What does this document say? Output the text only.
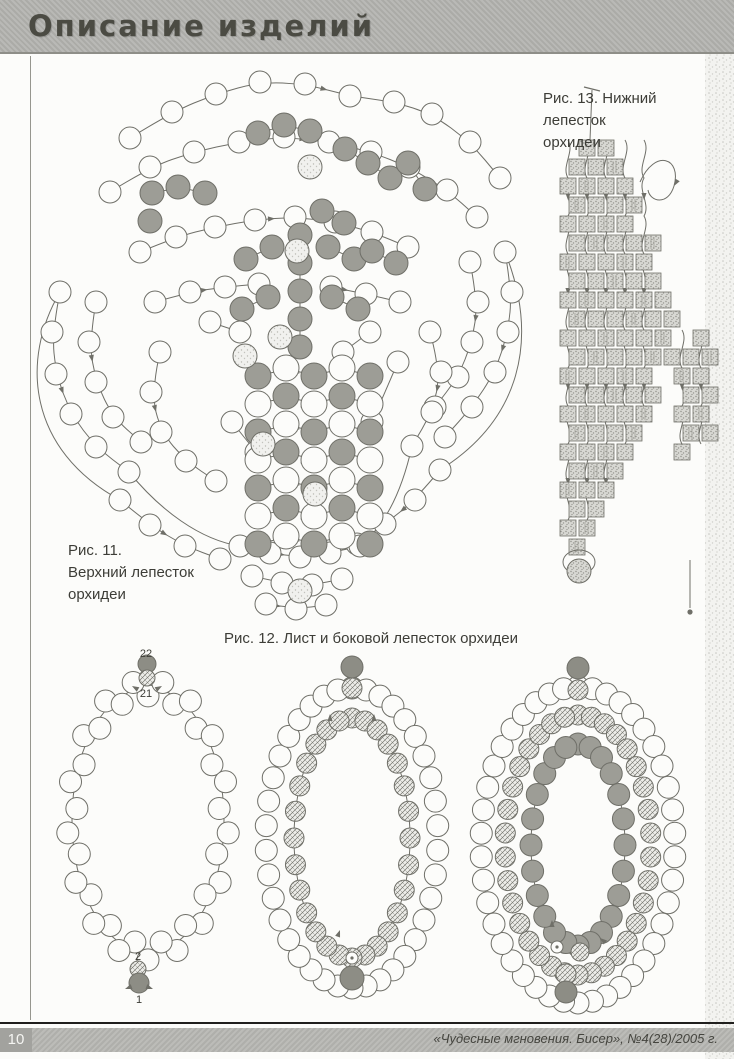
22
21
2
1
Описание изделий
Рис. 13. Нижний лепесток
орхидеи
Рис. 11.
Верхний лепесток
орхидеи
Рис. 12. Лист и боковой лепесток орхидеи
10	«Чудесные мгновения. Бисер», №4(28)/2005 г.
